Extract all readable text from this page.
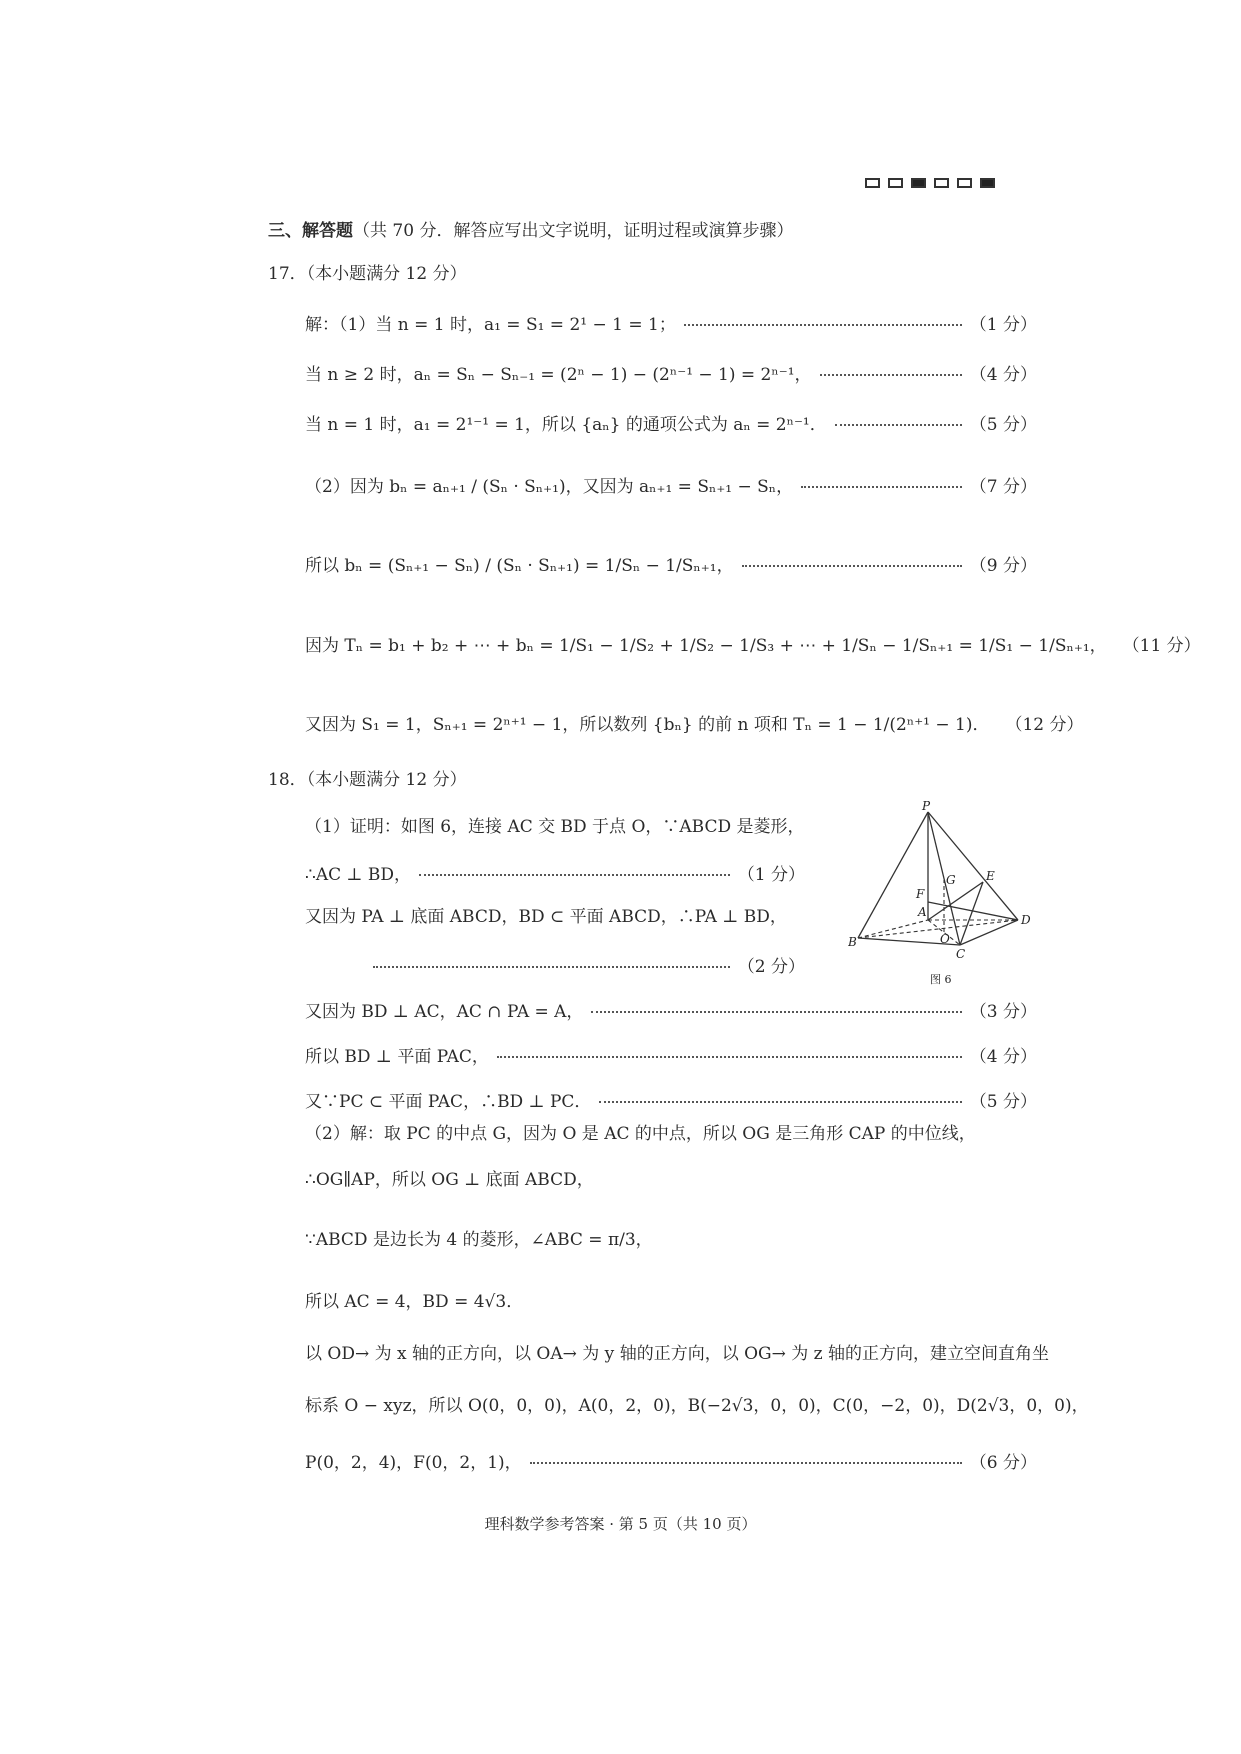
三、解答题（共 70 分．解答应写出文字说明，证明过程或演算步骤）
17．（本小题满分 12 分）
解：（1）当 n = 1 时，a₁ = S₁ = 2¹ − 1 = 1；	（1 分）
当 n ≥ 2 时，aₙ = Sₙ − Sₙ₋₁ = (2ⁿ − 1) − (2ⁿ⁻¹ − 1) = 2ⁿ⁻¹，	（4 分）
当 n = 1 时，a₁ = 2¹⁻¹ = 1，所以 {aₙ} 的通项公式为 aₙ = 2ⁿ⁻¹．	（5 分）
（2）因为 bₙ = aₙ₊₁ / (Sₙ · Sₙ₊₁)，又因为 aₙ₊₁ = Sₙ₊₁ − Sₙ，	（7 分）
所以 bₙ = (Sₙ₊₁ − Sₙ) / (Sₙ · Sₙ₊₁) = 1/Sₙ − 1/Sₙ₊₁，	（9 分）
因为 Tₙ = b₁ + b₂ + ⋯ + bₙ = 1/S₁ − 1/S₂ + 1/S₂ − 1/S₃ + ⋯ + 1/Sₙ − 1/Sₙ₊₁ = 1/S₁ − 1/Sₙ₊₁， （11 分）
又因为 S₁ = 1，Sₙ₊₁ = 2ⁿ⁺¹ − 1，所以数列 {bₙ} 的前 n 项和 Tₙ = 1 − 1/(2ⁿ⁺¹ − 1)． （12 分）
18．（本小题满分 12 分）
（1）证明：如图 6，连接 AC 交 BD 于点 O，∵ABCD 是菱形，
∴AC ⊥ BD，	（1 分）
又因为 PA ⊥ 底面 ABCD，BD ⊂ 平面 ABCD，∴PA ⊥ BD，
（2 分）
又因为 BD ⊥ AC，AC ∩ PA = A，	（3 分）
所以 BD ⊥ 平面 PAC，	（4 分）
又∵PC ⊂ 平面 PAC，∴BD ⊥ PC．	（5 分）
（2）解：取 PC 的中点 G，因为 O 是 AC 的中点，所以 OG 是三角形 CAP 的中位线，
∴OG∥AP，所以 OG ⊥ 底面 ABCD，
∵ABCD 是边长为 4 的菱形，∠ABC = π/3，
所以 AC = 4，BD = 4√3．
以 OD→ 为 x 轴的正方向，以 OA→ 为 y 轴的正方向，以 OG→ 为 z 轴的正方向，建立空间直角坐
标系 O − xyz，所以 O(0，0，0)，A(0，2，0)，B(−2√3，0，0)，C(0，−2，0)，D(2√3，0，0)，
P(0，2，4)，F(0，2，1)，	（6 分）
P
E
F
G
A
B	O
D
C
图 6
理科数学参考答案 · 第 5 页（共 10 页）
